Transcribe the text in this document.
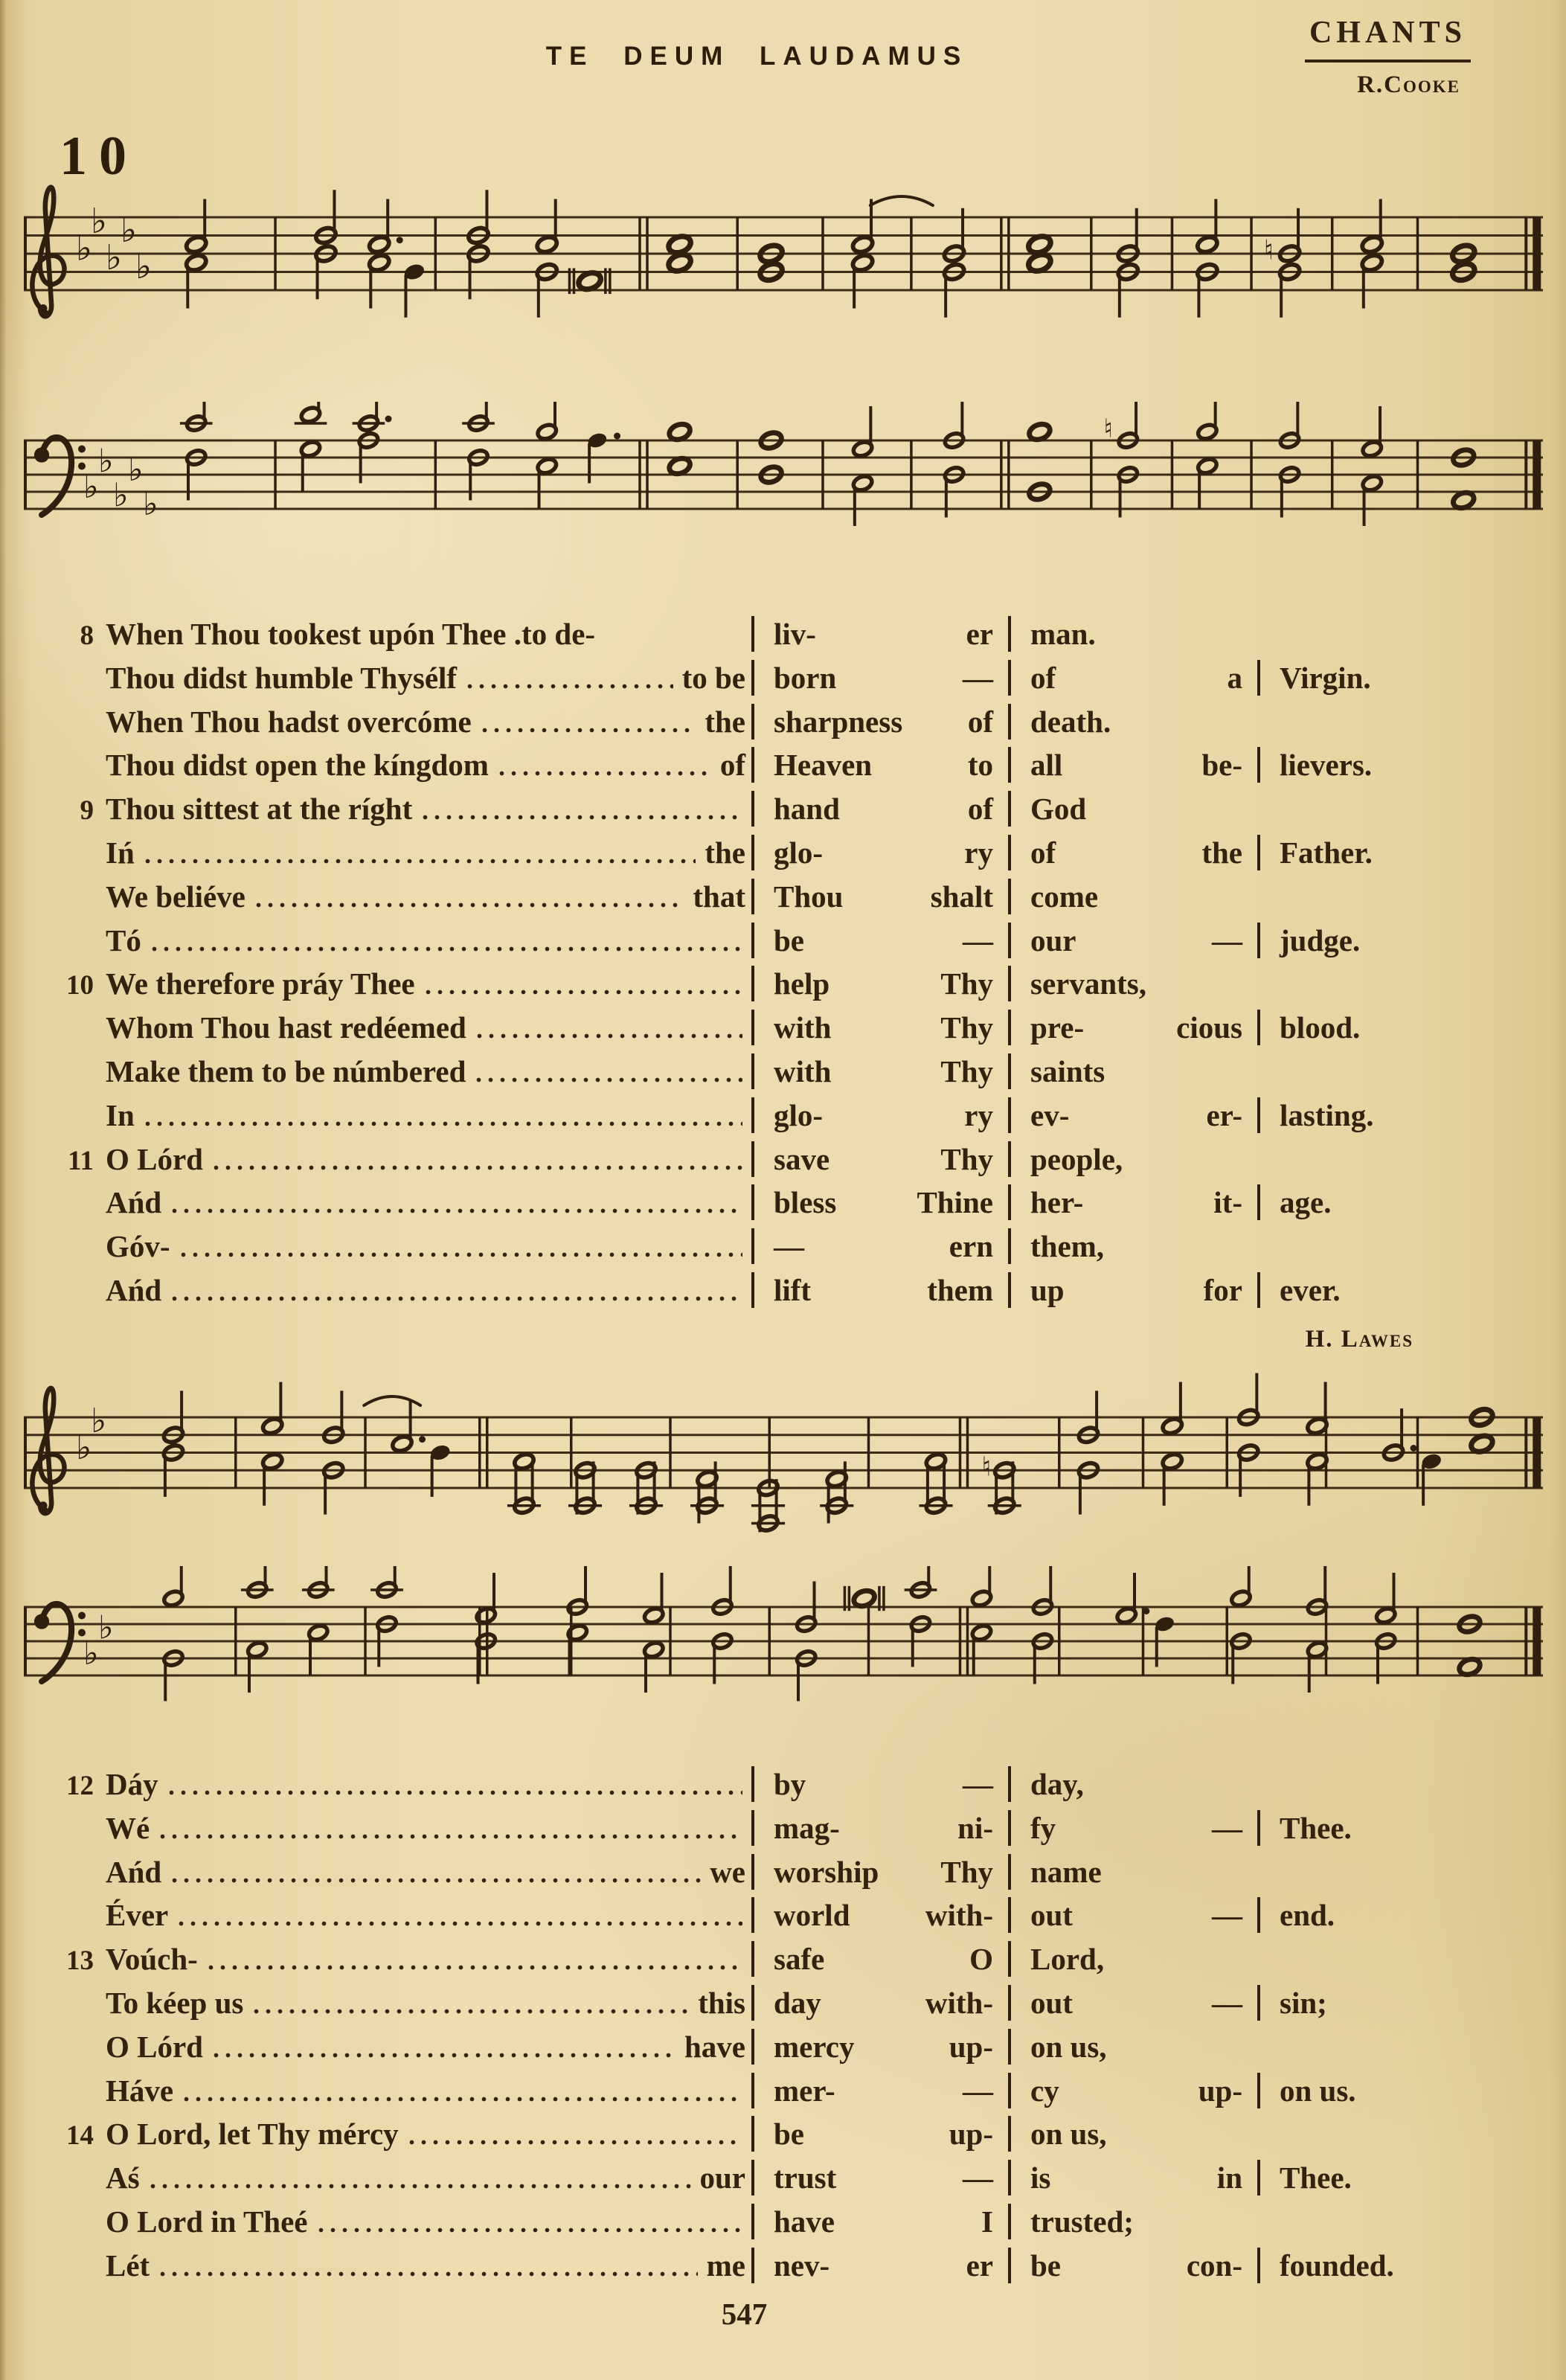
CHANTS
TE DEUM LAUDAMUS
10
R.Cooke
H. Lawes
♭
♭
♭
♭
♭	♮
♭
♭
♭
♭
♭
♮
8 When Thou tookest upón Thee .to de-	liv-	er man.
Thou didst humble Thysélf	to be born	— of	a Virgin.
When Thou hadst overcóme	the sharpness of death.
Thou didst open the kíngdom	of Heaven	to all	be- lievers.
9 Thou sittest at the ríght	hand	of God
Iń	the glo-	ry of	the Father.
We beliéve	that Thou	shalt come
Tó	be	— our	— judge.
10 We therefore práy Thee	help	Thy servants,
Whom Thou hast redéemed	with	Thy pre-	cious blood.
Make them to be númbered	with	Thy saints
In	glo-	ry ev-	er- lasting.
11 O Lórd	save	Thy people,
Ańd	bless	Thine her-	it- age.
Góv-	—	ern them,
Ańd	lift	them up	for ever.
♭
♭
♮
♭
♭
12 Dáy	by	— day,
Wé	mag-	ni- fy	— Thee.
Ańd	we worship Thy name
Éver	world with- out	— end.
13 Voúch-	safe	O Lord,
To kéep us	this day	with- out	— sin;
O Lórd	have mercy	up- on us,
Háve	mer-	— cy	up- on us.
14 O Lord, let Thy mércy	be	up- on us,
Aś	our trust	— is	in Thee.
O Lord in Theé	have	I trusted;
Lét	me nev-	er be	con- founded.
547
